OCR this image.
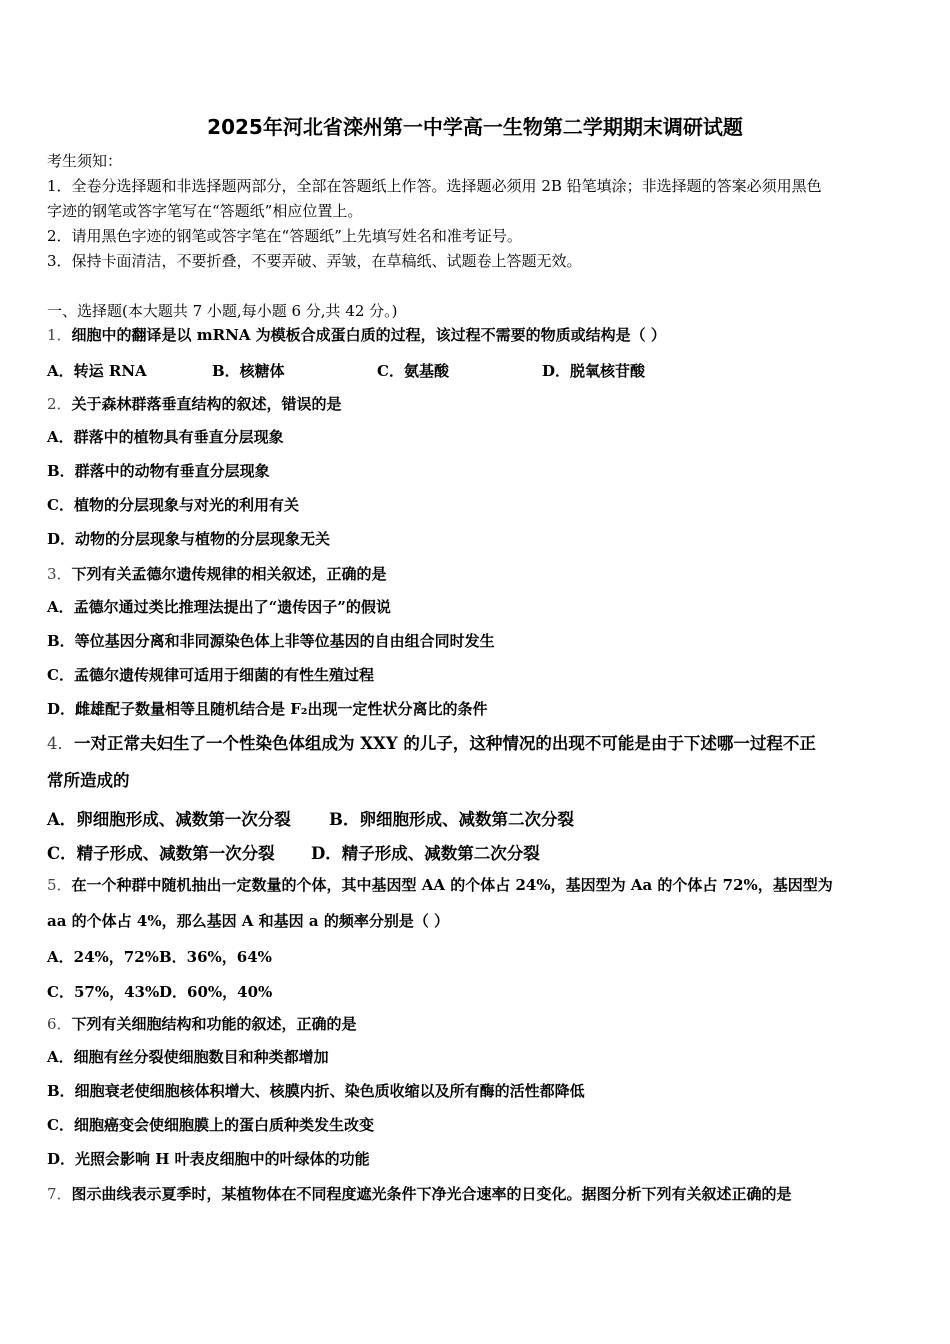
2025年河北省滦州第一中学高一生物第二学期期末调研试题
考生须知：
1．全卷分选择题和非选择题两部分，全部在答题纸上作答。选择题必须用 2B 铅笔填涂；非选择题的答案必须用黑色
字迹的钢笔或答字笔写在“答题纸”相应位置上。
2．请用黑色字迹的钢笔或答字笔在“答题纸”上先填写姓名和准考证号。
3．保持卡面清洁，不要折叠，不要弄破、弄皱，在草稿纸、试题卷上答题无效。
一、选择题(本大题共 7 小题,每小题 6 分,共 42 分。)
1．细胞中的翻译是以 mRNA 为模板合成蛋白质的过程，该过程不需要的物质或结构是（ ）
A．转运 RNA	B．核糖体	C．氨基酸	D．脱氧核苷酸
2．关于森林群落垂直结构的叙述，错误的是
A．群落中的植物具有垂直分层现象
B．群落中的动物有垂直分层现象
C．植物的分层现象与对光的利用有关
D．动物的分层现象与植物的分层现象无关
3．下列有关孟德尔遗传规律的相关叙述，正确的是
A．孟德尔通过类比推理法提出了“遗传因子”的假说
B．等位基因分离和非同源染色体上非等位基因的自由组合同时发生
C．孟德尔遗传规律可适用于细菌的有性生殖过程
D．雌雄配子数量相等且随机结合是 F₂出现一定性状分离比的条件
4．一对正常夫妇生了一个性染色体组成为 XXY 的儿子，这种情况的出现不可能是由于下述哪一过程不正
常所造成的
A．卵细胞形成、减数第一次分裂 B．卵细胞形成、减数第二次分裂
C．精子形成、减数第一次分裂 D．精子形成、减数第二次分裂
5．在一个种群中随机抽出一定数量的个体，其中基因型 AA 的个体占 24%，基因型为 Aa 的个体占 72%，基因型为
aa 的个体占 4%，那么基因 A 和基因 a 的频率分别是（ ）
A．24%，72% B．36%，64%
C．57%，43% D．60%，40%
6．下列有关细胞结构和功能的叙述，正确的是
A．细胞有丝分裂使细胞数目和种类都增加
B．细胞衰老使细胞核体积增大、核膜内折、染色质收缩以及所有酶的活性都降低
C．细胞癌变会使细胞膜上的蛋白质种类发生改变
D．光照会影响 H 叶表皮细胞中的叶绿体的功能
7．图示曲线表示夏季时，某植物体在不同程度遮光条件下净光合速率的日变化。据图分析下列有关叙述正确的是
